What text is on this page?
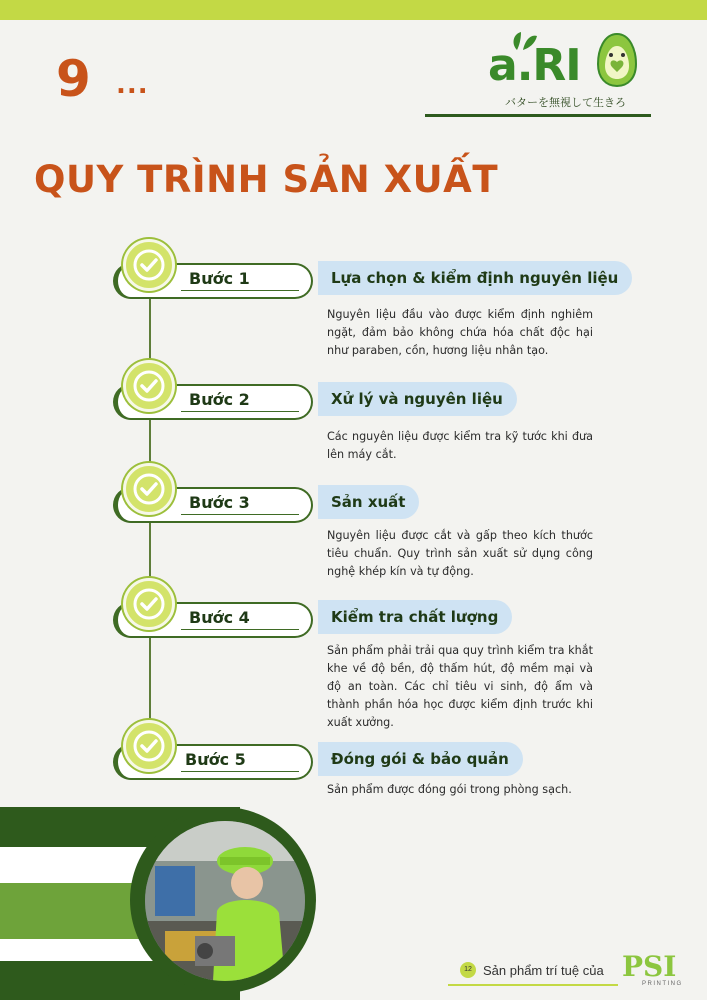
9 ...	a.RI
バターを無視して生きろ
QUY TRÌNH SẢN XUẤT
Bước 1	Lựa chọn & kiểm định nguyên liệu
Nguyên liệu đầu vào được kiểm định nghiêm ngặt, đảm bảo không chứa hóa chất độc hại như paraben, cồn, hương liệu nhân tạo.
Bước 2	Xử lý và nguyên liệu
Các nguyên liệu được kiểm tra kỹ tước khi đưa lên máy cắt.
Bước 3	Sản xuất
Nguyên liệu được cắt và gấp theo kích thước tiêu chuẩn. Quy trình sản xuất sử dụng công nghệ khép kín và tự động.
Bước 4	Kiểm tra chất lượng
Sản phẩm phải trải qua quy trình kiểm tra khắt khe về độ bền, độ thấm hút, độ mềm mại và độ an toàn. Các chỉ tiêu vi sinh, độ ẩm và thành phần hóa học được kiểm định trước khi xuất xưởng.
Bước 5	Đóng gói & bảo quản
Sản phẩm được đóng gói trong phòng sạch.
12 Sản phẩm trí tuệ của PSI
PRINTING
